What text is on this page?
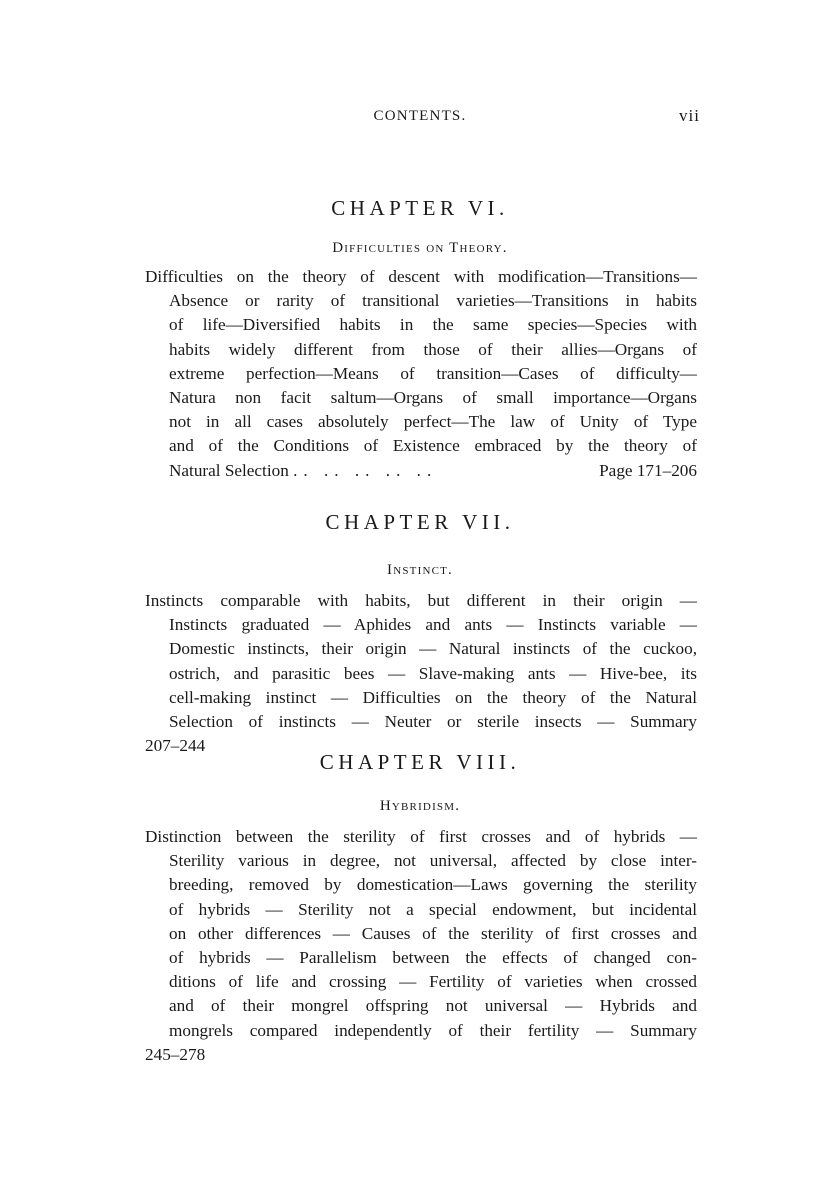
CONTENTS.	vii
CHAPTER VI.
Difficulties on Theory.
Difficulties on the theory of descent with modification—Transitions—
Absence or rarity of transitional varieties—Transitions in habits
of life—Diversified habits in the same species—Species with
habits widely different from those of their allies—Organs of
extreme perfection—Means of transition—Cases of difficulty—
Natura non facit saltum—Organs of small importance—Organs
not in all cases absolutely perfect—The law of Unity of Type
and of the Conditions of Existence embraced by the theory of
Natural Selection .. .. .. .. ..	Page 171–206
CHAPTER VII.
Instinct.
Instincts comparable with habits, but different in their origin —
Instincts graduated — Aphides and ants — Instincts variable —
Domestic instincts, their origin — Natural instincts of the cuckoo,
ostrich, and parasitic bees — Slave-making ants — Hive-bee, its
cell-making instinct — Difficulties on the theory of the Natural
Selection of instincts — Neuter or sterile insects — Summary
207–244
CHAPTER VIII.
Hybridism.
Distinction between the sterility of first crosses and of hybrids —
Sterility various in degree, not universal, affected by close inter-
breeding, removed by domestication—Laws governing the sterility
of hybrids — Sterility not a special endowment, but incidental
on other differences — Causes of the sterility of first crosses and
of hybrids — Parallelism between the effects of changed con-
ditions of life and crossing — Fertility of varieties when crossed
and of their mongrel offspring not universal — Hybrids and
mongrels compared independently of their fertility — Summary
245–278
